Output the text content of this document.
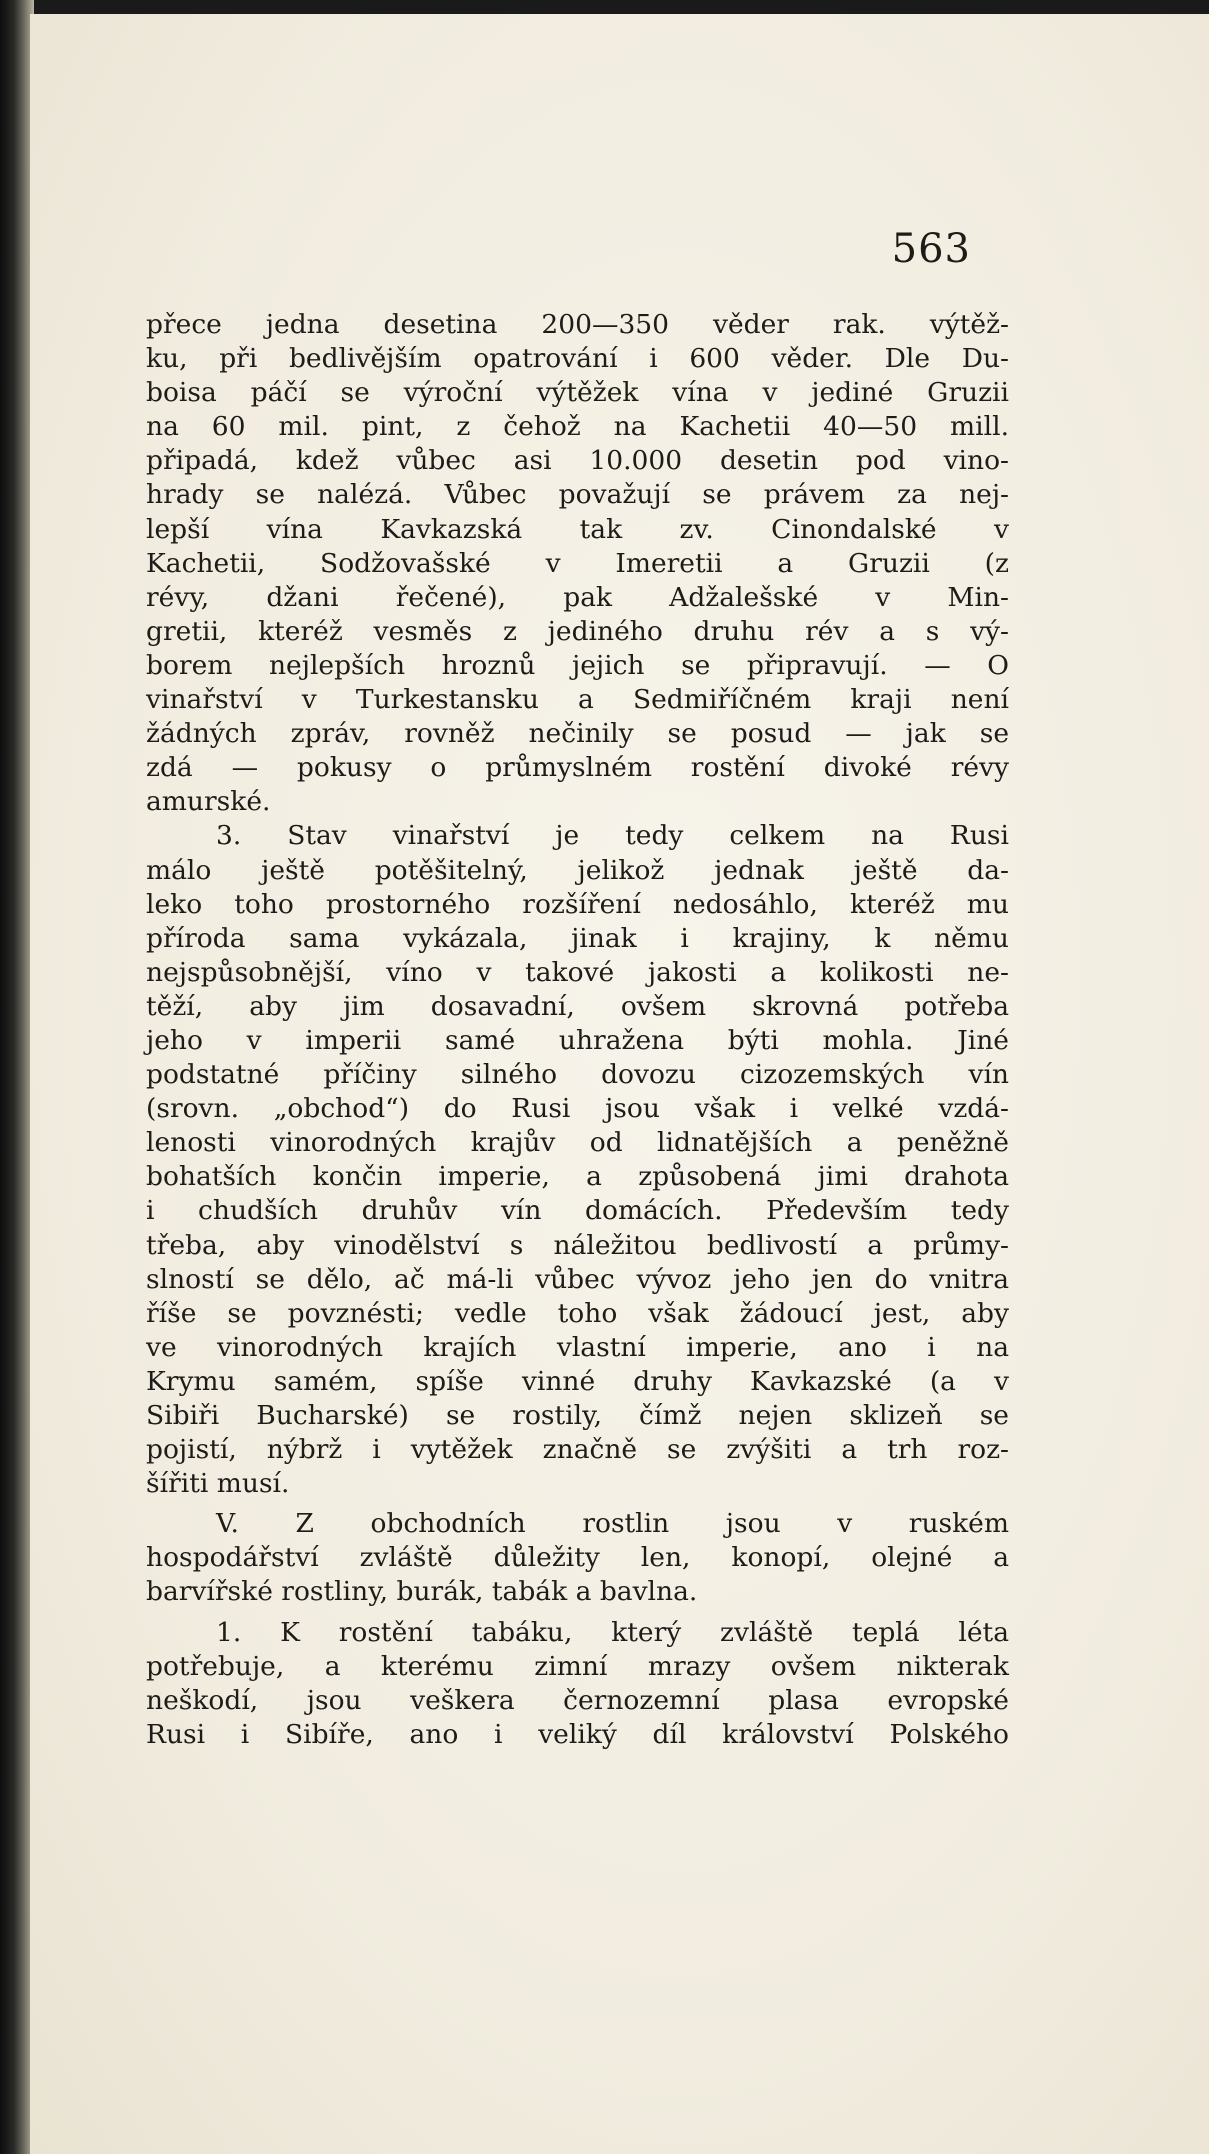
563
přece jedna desetina 200—350 věder rak. výtěž-
ku, při bedlivějším opatrování i 600 věder. Dle Du-
boisa páčí se výroční výtěžek vína v jediné Gruzii
na 60 mil. pint, z čehož na Kachetii 40—50 mill.
připadá, kdež vůbec asi 10.000 desetin pod vino-
hrady se nalézá. Vůbec považují se právem za nej-
lepší vína Kavkazská tak zv. Cinondalské v
Kachetii, Sodžovašské v Imeretii a Gruzii (z
révy, džani řečené), pak Adžalešské v Min-
gretii, kteréž vesměs z jediného druhu rév a s vý-
borem nejlepších hroznů jejich se připravují. — O
vinařství v Turkestansku a Sedmiříčném kraji není
žádných zpráv, rovněž nečinily se posud — jak se
zdá — pokusy o průmyslném rostění divoké révy
amurské.
3. Stav vinařství je tedy celkem na Rusi
málo ještě potěšitelný, jelikož jednak ještě da-
leko toho prostorného rozšíření nedosáhlo, kteréž mu
příroda sama vykázala, jinak i krajiny, k němu
nejspůsobnější, víno v takové jakosti a kolikosti ne-
těží, aby jim dosavadní, ovšem skrovná potřeba
jeho v imperii samé uhražena býti mohla. Jiné
podstatné příčiny silného dovozu cizozemských vín
(srovn. „obchod“) do Rusi jsou však i velké vzdá-
lenosti vinorodných krajův od lidnatějších a peněžně
bohatších končin imperie, a způsobená jimi drahota
i chudších druhův vín domácích. Především tedy
třeba, aby vinodělství s náležitou bedlivostí a průmy-
slností se dělo, ač má-li vůbec vývoz jeho jen do vnitra
říše se povznésti; vedle toho však žádoucí jest, aby
ve vinorodných krajích vlastní imperie, ano i na
Krymu samém, spíše vinné druhy Kavkazské (a v
Sibiři Bucharské) se rostily, čímž nejen sklizeň se
pojistí, nýbrž i vytěžek značně se zvýšiti a trh roz-
šířiti musí.
V. Z obchodních rostlin jsou v ruském
hospodářství zvláště důležity len, konopí, olejné a
barvířské rostliny, burák, tabák a bavlna.
1. K rostění tabáku, který zvláště teplá léta
potřebuje, a kterému zimní mrazy ovšem nikterak
neškodí, jsou veškera černozemní plasa evropské
Rusi i Sibíře, ano i veliký díl království Polského
